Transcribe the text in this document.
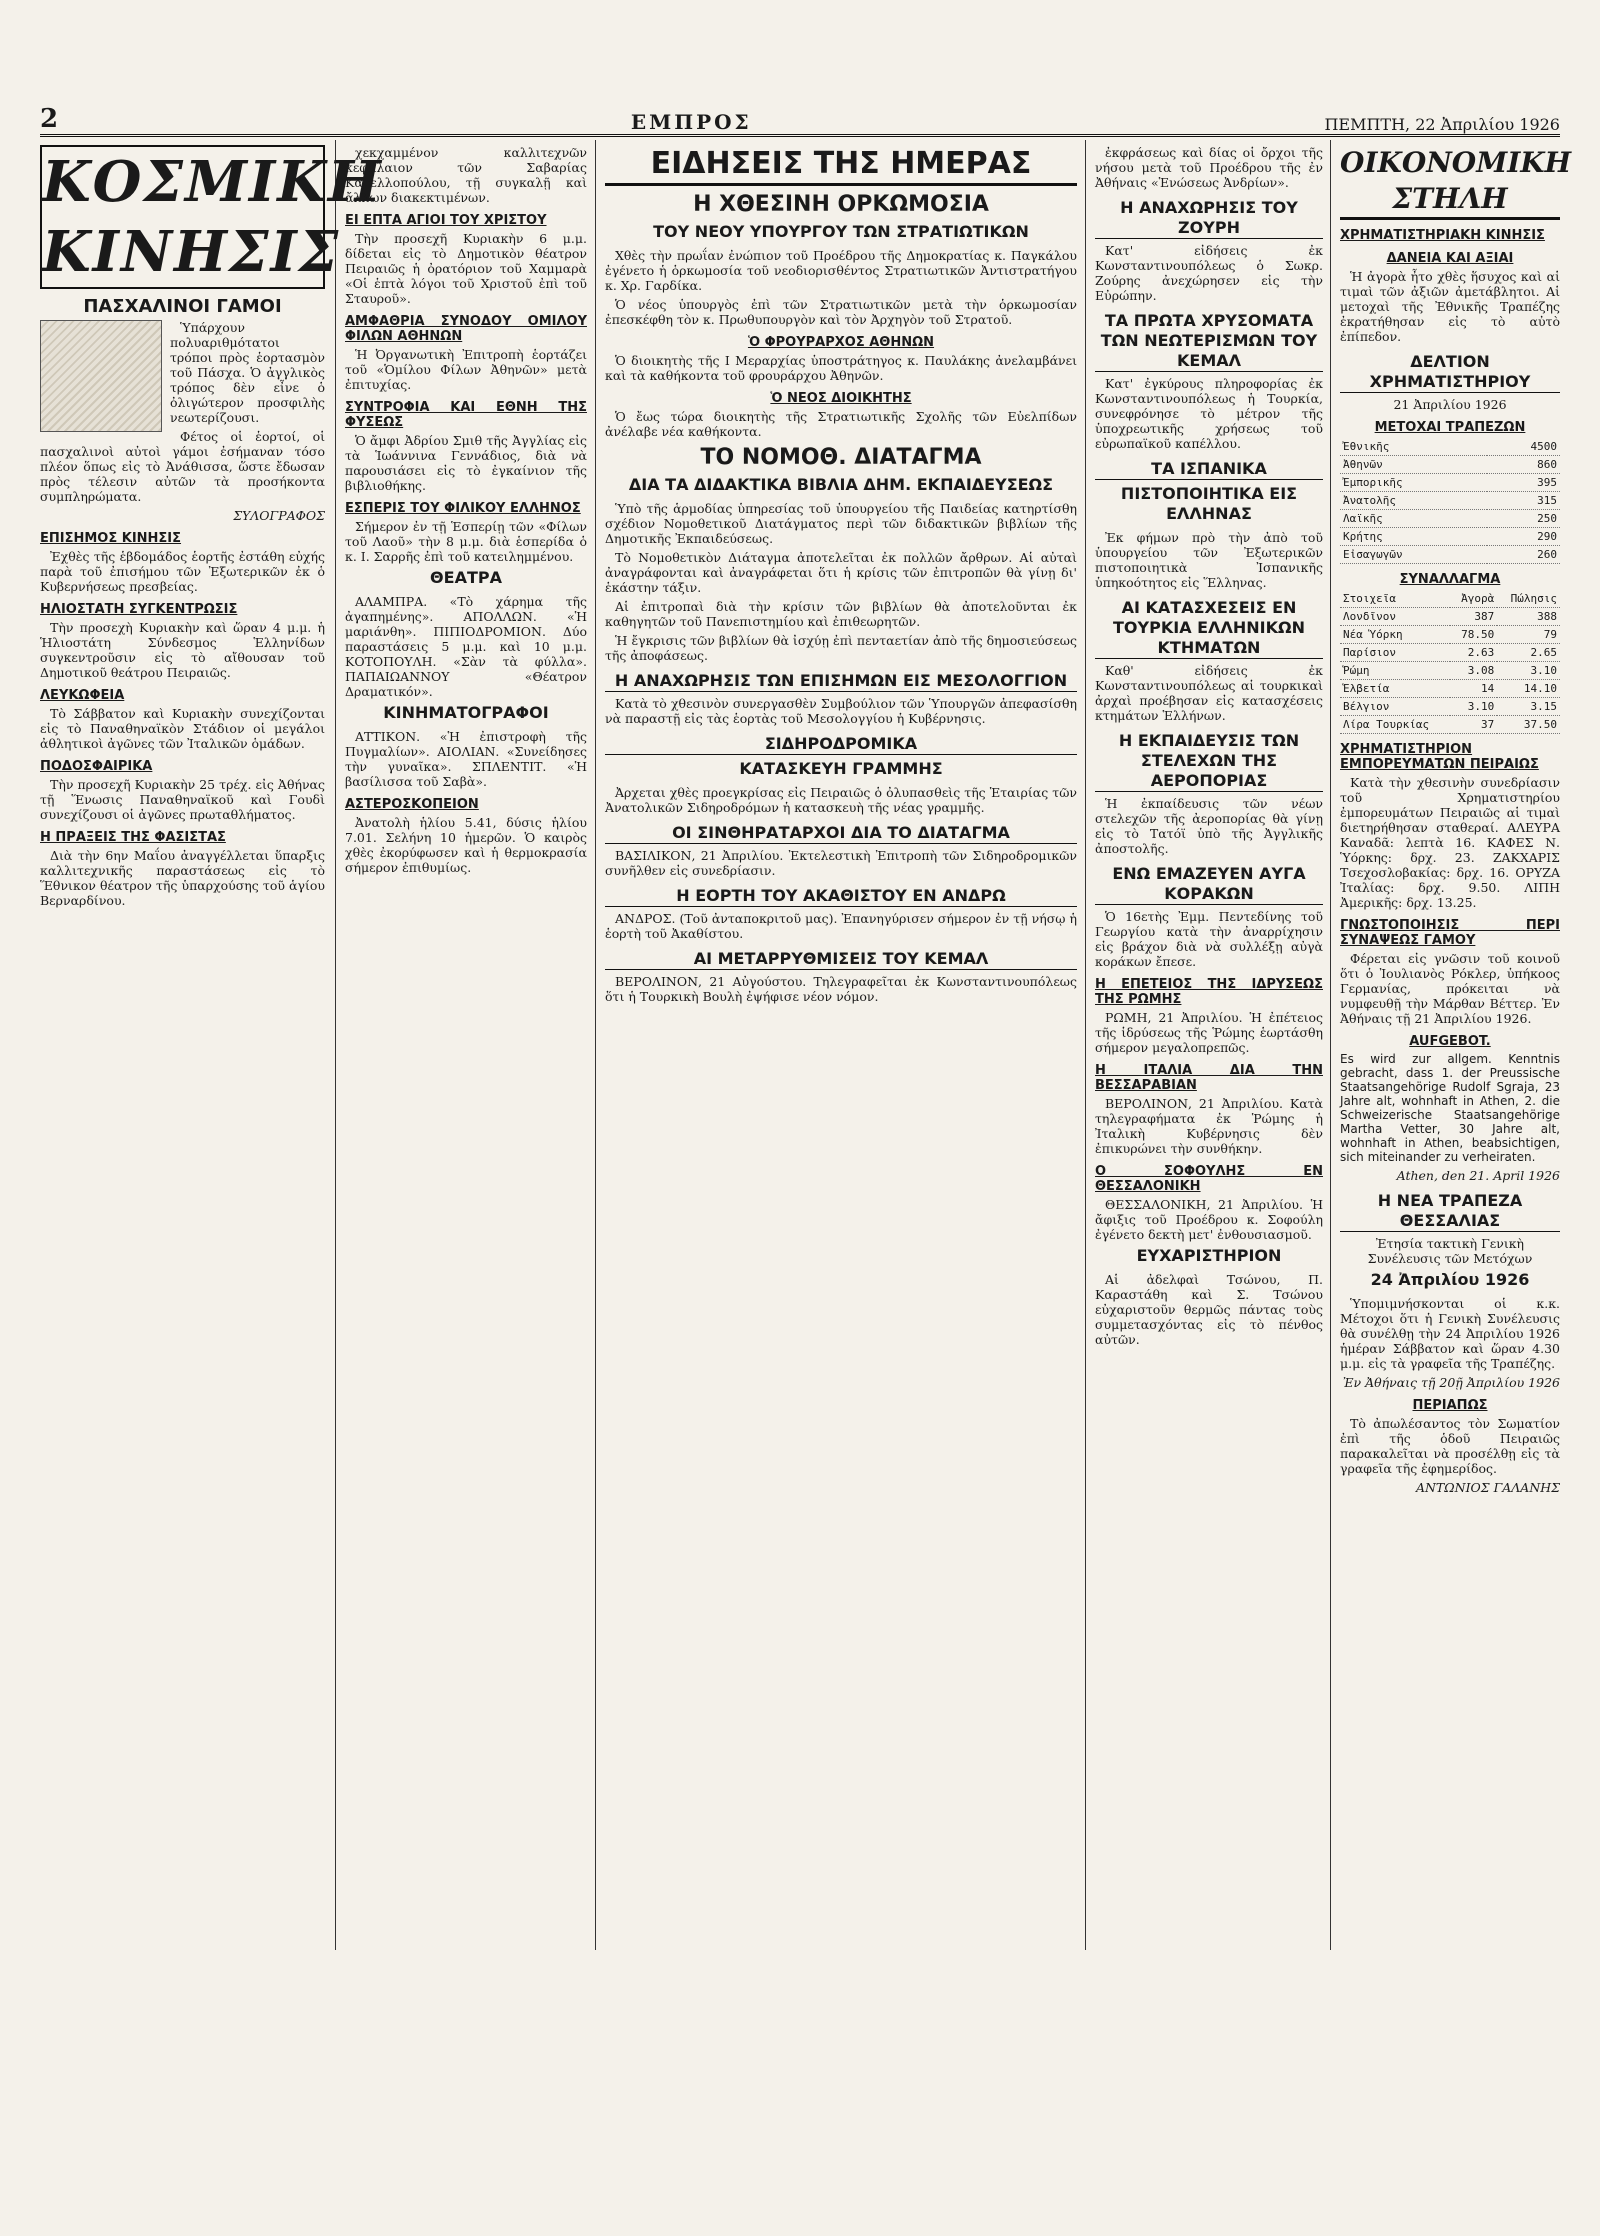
2	ΕΜΠΡΟΣ	ΠΕΜΠΤΗ, 22 Ἀπριλίου 1926
ΚΟΣΜΙΚΗ ΚΙΝΗΣΙΣ
ΠΑΣΧΑΛΙΝΟΙ ΓΑΜΟΙ

Ὑπάρχουν πολυαριθμότατοι τρόποι πρὸς ἑορτασμὸν τοῦ Πάσχα. Ὁ ἀγγλικὸς τρόπος δὲν εἶνε ὁ ὀλιγώτερον προσφιλὴς νεωτερίζουσι.

Φέτος οἱ ἑορτοί, οἱ πασχαλινοὶ αὐτοὶ γάμοι ἐσήμαναν τόσο πλέον ὅπως εἰς τὸ Ἀνάθισσα, ὥστε ἔδωσαν πρὸς τέλεσιν αὐτῶν τὰ προσήκοντα συμπληρώματα.

ΣΥΛΟΓΡΑΦΟΣ
ΕΠΙΣΗΜΟΣ ΚΙΝΗΣΙΣ

Ἐχθὲς τῆς ἑβδομάδος ἑορτῆς ἐστάθη εὐχής παρὰ τοῦ ἐπισήμου τῶν Ἐξωτερικῶν ἐκ ὁ Κυβερνήσεως πρεσβείας.

ΗΛΙΟΣΤΑΤΗ ΣΥΓΚΕΝΤΡΩΣΙΣ

Τὴν προσεχὴ Κυριακὴν καὶ ὥραν 4 μ.μ. ἡ Ἡλιοστάτη Σύνδεσμος Ἑλληνίδων συγκεντροῦσιν εἰς τὸ αἴθουσαν τοῦ Δημοτικοῦ θεάτρου Πειραιῶς.

ΛΕΥΚΩΦΕΙΑ

Τὸ Σάββατον καὶ Κυριακὴν συνεχίζονται εἰς τὸ Παναθηναϊκὸν Στάδιον οἱ μεγάλοι ἀθλητικοὶ ἀγῶνες τῶν Ἰταλικῶν ὁμάδων.

ΠΟΔΟΣΦΑΙΡΙΚΑ

Τὴν προσεχῆ Κυριακὴν 25 τρέχ. εἰς Ἀθήνας τῇ Ἕνωσις Παναθηναϊκοῦ καὶ Γουδὶ συνεχίζουσι οἱ ἀγῶνες πρωταθλήματος.

Η ΠΡΑΞΕΙΣ ΤΗΣ ΦΑΣΙΣΤΑΣ

Διὰ τὴν 6ην Μαΐου ἀναγγέλλεται ὕπαρξις καλλιτεχνικῆς παραστάσεως εἰς τὸ Ἕθνικον θέατρον τῆς ὑπαρχούσης τοῦ ἁγίου Βερναρδίνου.

χεκχαμμένον καλλιτεχνῶν κεφάλαιον τῶν Σαβαρίας Κανελλοπούλου, τῇ συγκαλῇ καὶ ἄλλων διακεκτιμένων.

ΕΙ ΕΠΤΑ ΑΓΙΟΙ ΤΟΥ ΧΡΙΣΤΟΥ

Τὴν προσεχῆ Κυριακὴν 6 μ.μ. δίδεται εἰς τὸ Δημοτικὸν θέατρον Πειραιῶς ἡ ὀρατόριον τοῦ Χαμμαρὰ «Οἱ ἑπτὰ λόγοι τοῦ Χριστοῦ ἐπὶ τοῦ Σταυροῦ».

ΑΜΦΑΘΡΙΑ ΣΥΝΟΔΟΥ ΟΜΙΛΟΥ ΦΙΛΩΝ ΑΘΗΝΩΝ

Ἡ Ὀργανωτικὴ Ἐπιτροπὴ ἑορτάζει τοῦ «Ὁμίλου Φίλων Ἀθηνῶν» μετὰ ἐπιτυχίας.

ΣΥΝΤΡΟΦΙΑ ΚΑΙ ΕΘΝΗ ΤΗΣ ΦΥΣΕΩΣ

Ὁ ἄμφι Ἀδρίου Σμιθ τῆς Ἀγγλίας εἰς τὰ Ἱωάννινα Γεννάδιος, διὰ νὰ παρουσιάσει εἰς τὸ ἐγκαίνιον τῆς βιβλιοθήκης.

ΕΣΠΕΡΙΣ ΤΟΥ ΦΙΛΙΚΟΥ ΕΛΛΗΝΟΣ

Σήμερον ἐν τῇ Ἑσπερίῃ τῶν «Φίλων τοῦ Λαοῦ» τὴν 8 μ.μ. διὰ ἑσπερίδα ὁ κ. Ι. Σαρρῆς ἐπὶ τοῦ κατειλημμένου.

ΘΕΑΤΡΑ

ΑΛΑΜΠΡΑ. «Τὸ χάρημα τῆς ἀγαπημένης». ΑΠΟΛΛΩΝ. «Ἡ μαριάνθη». ΠΙΠΙΟΔΡΟΜΙΟΝ. Δύο παραστάσεις 5 μ.μ. καὶ 10 μ.μ. ΚΟΤΟΠΟΥΛΗ. «Σὰν τὰ φύλλα». ΠΑΠΑΙΩΑΝΝΟΥ «Θέατρον Δραματικόν».

ΚΙΝΗΜΑΤΟΓΡΑΦΟΙ

ΑΤΤΙΚΟΝ. «Ἡ ἐπιστροφὴ τῆς Πυγμαλίων». ΑΙΟΛΙΑΝ. «Συνείδησες τὴν γυναῖκα». ΣΠΛΕΝΤΙΤ. «Ἡ βασίλισσα τοῦ Σαβὰ».

ΑΣΤΕΡΟΣΚΟΠΕΙΟΝ

Ἀνατολὴ ἡλίου 5.41, δύσις ἡλίου 7.01. Σελήνη 10 ἡμερῶν. Ὁ καιρὸς χθὲς ἐκορύφωσεν καὶ ἡ θερμοκρασία σήμερον ἐπιθυμίως.

ΕΙΔΗΣΕΙΣ ΤΗΣ ΗΜΕΡΑΣ
Η ΧΘΕΣΙΝΗ ΟΡΚΩΜΟΣΙΑ
ΤΟΥ ΝΕΟΥ ΥΠΟΥΡΓΟΥ ΤΩΝ ΣΤΡΑΤΙΩΤΙΚΩΝ

Χθὲς τὴν πρωΐαν ἐνώπιον τοῦ Προέδρου τῆς Δημοκρατίας κ. Παγκάλου ἐγένετο ἡ ὁρκωμοσία τοῦ νεοδιορισθέντος Στρατιωτικῶν Ἀντιστρατήγου κ. Χρ. Γαρδίκα.

Ὁ νέος ὑπουργὸς ἐπὶ τῶν Στρατιωτικῶν μετὰ τὴν ὁρκωμοσίαν ἐπεσκέφθη τὸν κ. Πρωθυπουργὸν καὶ τὸν Ἀρχηγὸν τοῦ Στρατοῦ.

Ὁ ΦΡΟΥΡΑΡΧΟΣ ΑΘΗΝΩΝ

Ὁ διοικητὴς τῆς Ι Μεραρχίας ὑποστράτηγος κ. Παυλάκης ἀνελαμβάνει καὶ τὰ καθήκοντα τοῦ φρουράρχου Ἀθηνῶν.

Ὁ ΝΕΟΣ ΔΙΟΙΚΗΤΗΣ

Ὁ ἔως τώρα διοικητὴς τῆς Στρατιωτικῆς Σχολῆς τῶν Εὐελπίδων ἀνέλαβε νέα καθήκοντα.

ΤΟ ΝΟΜΟΘ. ΔΙΑΤΑΓΜΑ
ΔΙΑ ΤΑ ΔΙΔΑΚΤΙΚΑ ΒΙΒΛΙΑ ΔΗΜ. ΕΚΠΑΙΔΕΥΣΕΩΣ

Ὑπὸ τῆς ἁρμοδίας ὑπηρεσίας τοῦ ὑπουργείου τῆς Παιδείας κατηρτίσθη σχέδιον Νομοθετικοῦ Διατάγματος περὶ τῶν διδακτικῶν βιβλίων τῆς Δημοτικῆς Ἐκπαιδεύσεως.

Τὸ Νομοθετικὸν Διάταγμα ἀποτελεῖται ἐκ πολλῶν ἄρθρων. Αἱ αὐταὶ ἀναγράφονται καὶ ἀναγράφεται ὅτι ἡ κρίσις τῶν ἐπιτροπῶν θὰ γίνῃ δι' ἑκάστην τάξιν.

Αἱ ἐπιτροπαὶ διὰ τὴν κρίσιν τῶν βιβλίων θὰ ἀποτελοῦνται ἐκ καθηγητῶν τοῦ Πανεπιστημίου καὶ ἐπιθεωρητῶν.

Ἡ ἔγκρισις τῶν βιβλίων θὰ ἰσχύῃ ἐπὶ πενταετίαν ἀπὸ τῆς δημοσιεύσεως τῆς ἀποφάσεως.

Η ΑΝΑΧΩΡΗΣΙΣ ΤΩΝ ΕΠΙΣΗΜΩΝ ΕΙΣ ΜΕΣΟΛΟΓΓΙΟΝ

Κατὰ τὸ χθεσινὸν συνεργασθὲν Συμβούλιον τῶν Ὑπουργῶν ἀπεφασίσθη νὰ παραστῇ εἰς τὰς ἑορτὰς τοῦ Μεσολογγίου ἡ Κυβέρνησις.

ΣΙΔΗΡΟΔΡΟΜΙΚΑ
ΚΑΤΑΣΚΕΥΗ ΓΡΑΜΜΗΣ

Ἀρχεται χθὲς προεγκρίσας εἰς Πειραιῶς ὁ ὀλυπασθεὶς τῆς Ἑταιρίας τῶν Ἀνατολικῶν Σιδηροδρόμων ἡ κατασκευὴ τῆς νέας γραμμῆς.

ΟΙ ΣΙΝΘΗΡΑΤΑΡΧΟΙ ΔΙΑ ΤΟ ΔΙΑΤΑΓΜΑ

ΒΑΣΙΛΙΚΟΝ, 21 Ἀπριλίου. Ἐκτελεστικὴ Ἐπιτροπὴ τῶν Σιδηροδρομικῶν συνῆλθεν εἰς συνεδρίασιν.

Η ΕΟΡΤΗ ΤΟΥ ΑΚΑΘΙΣΤΟΥ ΕΝ ΑΝΔΡΩ

ΑΝΔΡΟΣ. (Τοῦ ἀνταποκριτοῦ μας). Ἐπανηγύρισεν σήμερον ἐν τῇ νήσῳ ἡ ἑορτὴ τοῦ Ἀκαθίστου.

ΑΙ ΜΕΤΑΡΡΥΘΜΙΣΕΙΣ ΤΟΥ ΚΕΜΑΛ

ΒΕΡΟΛΙΝΟΝ, 21 Αὐγούστου. Τηλεγραφεῖται ἐκ Κωνσταντινουπόλεως ὅτι ἡ Τουρκικὴ Βουλὴ ἐψήφισε νέον νόμον.

ἐκφράσεως καὶ δίας οἱ ὄρχοι τῆς νήσου μετὰ τοῦ Προέδρου τῆς ἐν Ἀθήναις «Ἑνώσεως Ἀνδρίων».

Η ΑΝΑΧΩΡΗΣΙΣ ΤΟΥ ΖΟΥΡΗ

Κατ' εἰδήσεις ἐκ Κωνσταντινουπόλεως ὁ Σωκρ. Ζούρης ἀνεχώρησεν εἰς τὴν Εὐρώπην.

ΤΑ ΠΡΩΤΑ ΧΡΥΣΟΜΑΤΑ ΤΩΝ ΝΕΩΤΕΡΙΣΜΩΝ ΤΟΥ ΚΕΜΑΛ

Κατ' ἐγκύρους πληροφορίας ἐκ Κωνσταντινουπόλεως ἡ Τουρκία, συνεφρόνησε τὸ μέτρον τῆς ὑποχρεωτικῆς χρήσεως τοῦ εὐρωπαϊκοῦ καπέλλου.

ΤΑ ΙΣΠΑΝΙΚΑ
ΠΙΣΤΟΠΟΙΗΤΙΚΑ ΕΙΣ ΕΛΛΗΝΑΣ

Ἐκ φήμων πρὸ τὴν ἀπὸ τοῦ ὑπουργείου τῶν Ἐξωτερικῶν πιστοποιητικὰ Ἰσπανικῆς ὑπηκοότητος εἰς Ἕλληνας.

ΑΙ ΚΑΤΑΣΧΕΣΕΙΣ ΕΝ ΤΟΥΡΚΙΑ ΕΛΛΗΝΙΚΩΝ ΚΤΗΜΑΤΩΝ

Καθ' εἰδήσεις ἐκ Κωνσταντινουπόλεως αἱ τουρκικαὶ ἀρχαὶ προέβησαν εἰς κατασχέσεις κτημάτων Ἑλλήνων.

Η ΕΚΠΑΙΔΕΥΣΙΣ ΤΩΝ ΣΤΕΛΕΧΩΝ ΤΗΣ ΑΕΡΟΠΟΡΙΑΣ

Ἡ ἐκπαίδευσις τῶν νέων στελεχῶν τῆς ἀεροπορίας θὰ γίνῃ εἰς τὸ Τατόϊ ὑπὸ τῆς Ἀγγλικῆς ἀποστολῆς.

ΕΝΩ ΕΜΑΖΕΥΕΝ ΑΥΓΑ ΚΟΡΑΚΩΝ

Ὁ 16ετὴς Ἐμμ. Πεντεδίνης τοῦ Γεωργίου κατὰ τὴν ἀναρρίχησιν εἰς βράχον διὰ νὰ συλλέξῃ αὐγὰ κοράκων ἔπεσε.

Η ΕΠΕΤΕΙΟΣ ΤΗΣ ΙΔΡΥΣΕΩΣ ΤΗΣ ΡΩΜΗΣ

ΡΩΜΗ, 21 Ἀπριλίου. Ἡ ἐπέτειος τῆς ἱδρύσεως τῆς Ῥώμης ἑωρτάσθη σήμερον μεγαλοπρεπῶς.

Η ΙΤΑΛΙΑ ΔΙΑ ΤΗΝ ΒΕΣΣΑΡΑΒΙΑΝ

ΒΕΡΟΛΙΝΟΝ, 21 Ἀπριλίου. Κατὰ τηλεγραφήματα ἐκ Ῥώμης ἡ Ἰταλικὴ Κυβέρνησις δὲν ἐπικυρώνει τὴν συνθήκην.

Ο ΣΟΦΟΥΛΗΣ ΕΝ ΘΕΣΣΑΛΟΝΙΚΗ

ΘΕΣΣΑΛΟΝΙΚΗ, 21 Ἀπριλίου. Ἡ ἄφιξις τοῦ Προέδρου κ. Σοφούλη ἐγένετο δεκτὴ μετ' ἐνθουσιασμοῦ.

ΕΥΧΑΡΙΣΤΗΡΙΟΝ

Αἱ ἀδελφαὶ Τσώνου, Π. Καραστάθη καὶ Σ. Τσώνου εὐχαριστοῦν θερμῶς πάντας τοὺς συμμετασχόντας εἰς τὸ πένθος αὐτῶν.

ΟΙΚΟΝΟΜΙΚΗ ΣΤΗΛΗ
ΧΡΗΜΑΤΙΣΤΗΡΙΑΚΗ ΚΙΝΗΣΙΣ
ΔΑΝΕΙΑ ΚΑΙ ΑΞΙΑΙ

Ἡ ἀγορὰ ἦτο χθὲς ἥσυχος καὶ αἱ τιμαὶ τῶν ἀξιῶν ἀμετάβλητοι. Αἱ μετοχαὶ τῆς Ἐθνικῆς Τραπέζης ἐκρατήθησαν εἰς τὸ αὐτὸ ἐπίπεδον.

ΔΕΛΤΙΟΝ ΧΡΗΜΑΤΙΣΤΗΡΙΟΥ
21 Ἀπριλίου 1926
ΜΕΤΟΧΑΙ ΤΡΑΠΕΖΩΝ
Ἐθνικῆς	4500
Ἀθηνῶν	860
Ἐμπορικῆς	395
Ἀνατολῆς	315
Λαϊκῆς	250
Κρήτης	290
Εἰσαγωγῶν	260
ΣΥΝΑΛΛΑΓΜΑ
Στοιχεῖα	Ἀγορὰ	Πώλησις
Λονδῖνον	387	388
Νέα Ὑόρκη	78.50	79
Παρίσιον	2.63	2.65
Ῥώμη	3.08	3.10
Ἑλβετία	14	14.10
Βέλγιον	3.10	3.15
Λίρα Τουρκίας	37	37.50
ΧΡΗΜΑΤΙΣΤΗΡΙΟΝ ΕΜΠΟΡΕΥΜΑΤΩΝ ΠΕΙΡΑΙΩΣ

Κατὰ τὴν χθεσινὴν συνεδρίασιν τοῦ Χρηματιστηρίου ἐμπορευμάτων Πειραιῶς αἱ τιμαὶ διετηρήθησαν σταθεραί. ΑΛΕΥΡΑ Καναδᾶ: λεπτὰ 16. ΚΑΦΕΣ Ν. Ὑόρκης: δρχ. 23. ΖΑΚΧΑΡΙΣ Τσεχοσλοβακίας: δρχ. 16. ΟΡΥΖΑ Ἰταλίας: δρχ. 9.50. ΛΙΠΗ Ἀμερικῆς: δρχ. 13.25.

ΓΝΩΣΤΟΠΟΙΗΣΙΣ ΠΕΡΙ ΣΥΝΑΨΕΩΣ ΓΑΜΟΥ

Φέρεται εἰς γνῶσιν τοῦ κοινοῦ ὅτι ὁ Ἰουλιανὸς Ρόκλερ, ὑπήκοος Γερμανίας, πρόκειται νὰ νυμφευθῇ τὴν Μάρθαν Βέττερ. Ἐν Ἀθήναις τῇ 21 Ἀπριλίου 1926.

AUFGEBOT.
Es wird zur allgem. Kenntnis gebracht, dass 1. der Preussische Staatsangehörige Rudolf Sgraja, 23 Jahre alt, wohnhaft in Athen, 2. die Schweizerische Staatsangehörige Martha Vetter, 30 Jahre alt, wohnhaft in Athen, beabsichtigen, sich miteinander zu verheiraten.
Athen, den 21. April 1926
Η ΝΕΑ ΤΡΑΠΕΖΑ ΘΕΣΣΑΛΙΑΣ
Ἐτησία τακτικὴ Γενικὴ Συνέλευσις τῶν Μετόχων
24 Ἀπριλίου 1926

Ὑπομιμνήσκονται οἱ κ.κ. Μέτοχοι ὅτι ἡ Γενικὴ Συνέλευσις θὰ συνέλθῃ τὴν 24 Ἀπριλίου 1926 ἡμέραν Σάββατον καὶ ὥραν 4.30 μ.μ. εἰς τὰ γραφεῖα τῆς Τραπέζης.

Ἐν Ἀθήναις τῇ 20ῇ Ἀπριλίου 1926
ΠΕΡΙΑΠΩΣ

Τὸ ἀπωλέσαντος τὸν Σωματίον ἐπὶ τῆς ὁδοῦ Πειραιῶς παρακαλεῖται νὰ προσέλθῃ εἰς τὰ γραφεῖα τῆς ἐφημερίδος.

ΑΝΤΩΝΙΟΣ ΓΑΛΑΝΗΣ
